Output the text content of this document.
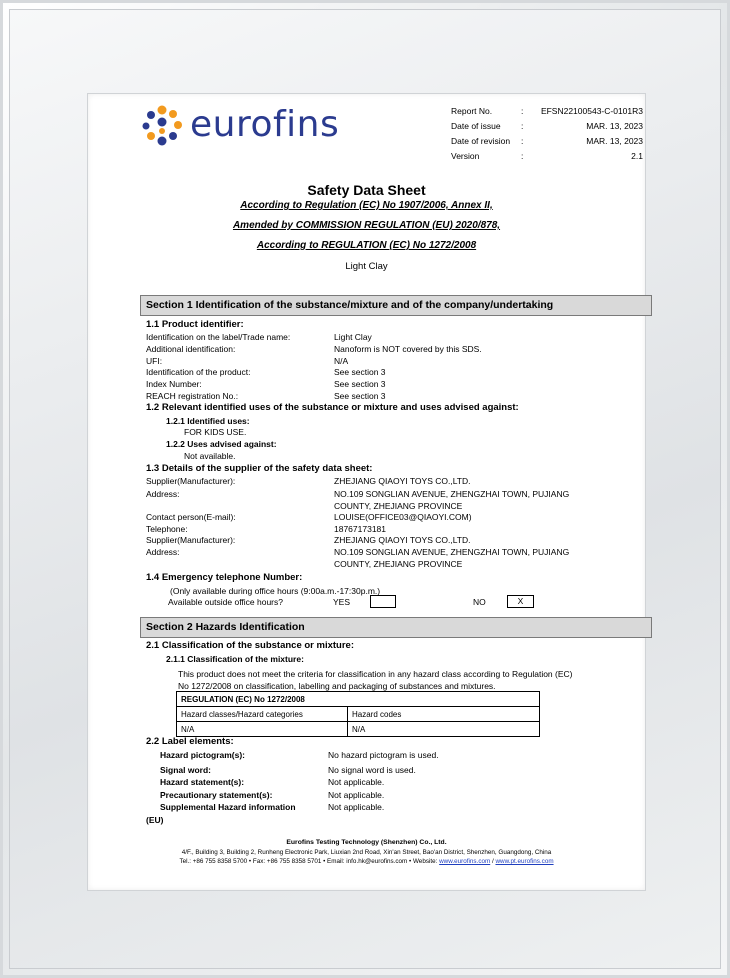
eurofins	Report No.	: EFSN22100543-C-0101R3
Date of issue :	MAR. 13, 2023
Date of revision :	MAR. 13, 2023
Version	:	2.1
Safety Data Sheet
According to Regulation (EC) No 1907/2006, Annex II,
Amended by COMMISSION REGULATION (EU) 2020/878,
According to REGULATION (EC) No 1272/2008
Light Clay
Section 1 Identification of the substance/mixture and of the company/undertaking
1.1 Product identifier:
Identification on the label/Trade name:	Light Clay
Additional identification:	Nanoform is NOT covered by this SDS.
UFI:	N/A
Identification of the product:	See section 3
Index Number:	See section 3
REACH registration No.:	See section 3
1.2 Relevant identified uses of the substance or mixture and uses advised against:
1.2.1 Identified uses:
FOR KIDS USE.
1.2.2 Uses advised against:
Not available.
1.3 Details of the supplier of the safety data sheet:
Supplier(Manufacturer):	ZHEJIANG QIAOYI TOYS CO.,LTD.
Address:	NO.109 SONGLIAN AVENUE, ZHENGZHAI TOWN, PUJIANG
COUNTY, ZHEJIANG PROVINCE
Contact person(E-mail):	LOUISE(OFFICE03@QIAOYI.COM)
Telephone:	18767173181
Supplier(Manufacturer):	ZHEJIANG QIAOYI TOYS CO.,LTD.
Address:	NO.109 SONGLIAN AVENUE, ZHENGZHAI TOWN, PUJIANG
COUNTY, ZHEJIANG PROVINCE
1.4 Emergency telephone Number:
(Only available during office hours (9:00a.m.-17:30p.m.)
Available outside office hours?	YES	NO	X
Section 2 Hazards Identification
2.1 Classification of the substance or mixture:
2.1.1 Classification of the mixture:
This product does not meet the criteria for classification in any hazard class according to Regulation (EC)
No 1272/2008 on classification, labelling and packaging of substances and mixtures.
REGULATION (EC) No 1272/2008	
Hazard classes/Hazard categories	Hazard codes
N/A	N/A
2.2 Label elements:
Hazard pictogram(s):	No hazard pictogram is used.
Signal word:	No signal word is used.
Hazard statement(s):	Not applicable.
Precautionary statement(s):	Not applicable.
Supplemental Hazard information	Not applicable.
(EU)
Eurofins Testing Technology (Shenzhen) Co., Ltd.
4/F., Building 3, Building 2, Runheng Electronic Park, Liuxian 2nd Road, Xin'an Street, Bao'an District, Shenzhen, Guangdong, China
Tel.: +86 755 8358 5700 • Fax: +86 755 8358 5701 • Email: info.hk@eurofins.com • Website: www.eurofins.com / www.pt.eurofins.com
